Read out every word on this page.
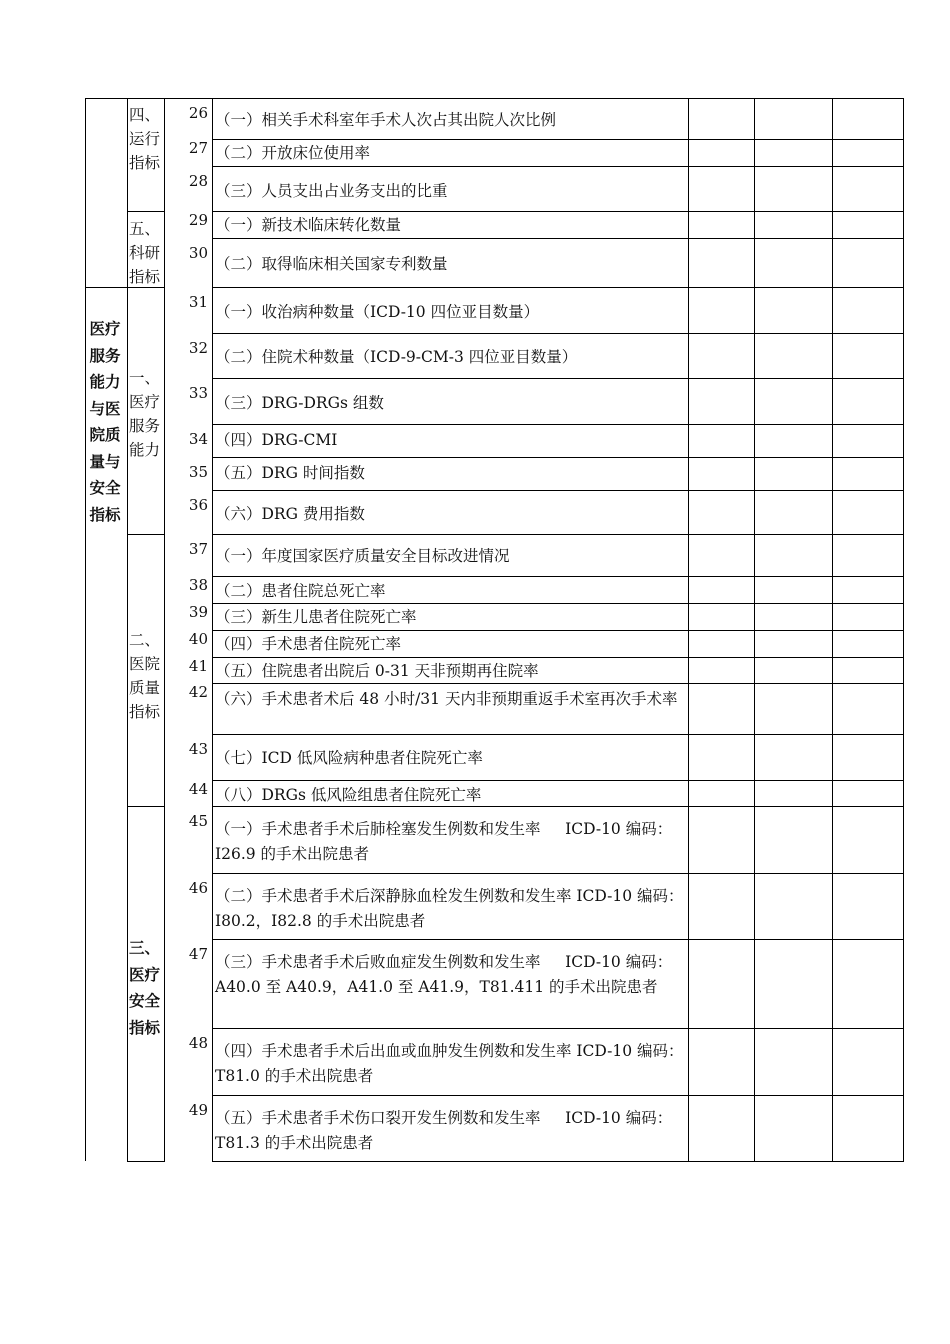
医疗服务能力与医院质量与安全指标
四、
运行
指标
五、
科研
指标
一、
医疗
服务
能力
二、
医院
质量
指标
三、
医疗
安全
指标
26 （一）相关手术科室年手术人次占其出院人次比例
27 （二）开放床位使用率
28
（三）人员支出占业务支出的比重
29 （一）新技术临床转化数量
30
（二）取得临床相关国家专利数量
31
（一）收治病种数量（ICD-10 四位亚目数量）
32 （二）住院术种数量（ICD-9-CM-3 四位亚目数量）
33
（三）DRG-DRGs 组数
34 （四）DRG-CMI
35 （五）DRG 时间指数
36 （六）DRG 费用指数
37 （一）年度国家医疗质量安全目标改进情况
38 （二）患者住院总死亡率
39 （三）新生儿患者住院死亡率
40 （四）手术患者住院死亡率
41 （五）住院患者出院后 0-31 天非预期再住院率
42 （六）手术患者术后 48 小时/31 天内非预期重返手术室再次手术率
43 （七）ICD 低风险病种患者住院死亡率
44 （八）DRGs 低风险组患者住院死亡率
45 （一）手术患者手术后肺栓塞发生例数和发生率     ICD-10 编码：I26.9 的手术出院患者
46 （二）手术患者手术后深静脉血栓发生例数和发生率 ICD-10 编码：I80.2，I82.8 的手术出院患者
47 （三）手术患者手术后败血症发生例数和发生率     ICD-10 编码：A40.0 至 A40.9，A41.0 至 A41.9，T81.411 的手术出院患者
48 （四）手术患者手术后出血或血肿发生例数和发生率 ICD-10 编码：T81.0 的手术出院患者
49 （五）手术患者手术伤口裂开发生例数和发生率     ICD-10 编码：T81.3 的手术出院患者
